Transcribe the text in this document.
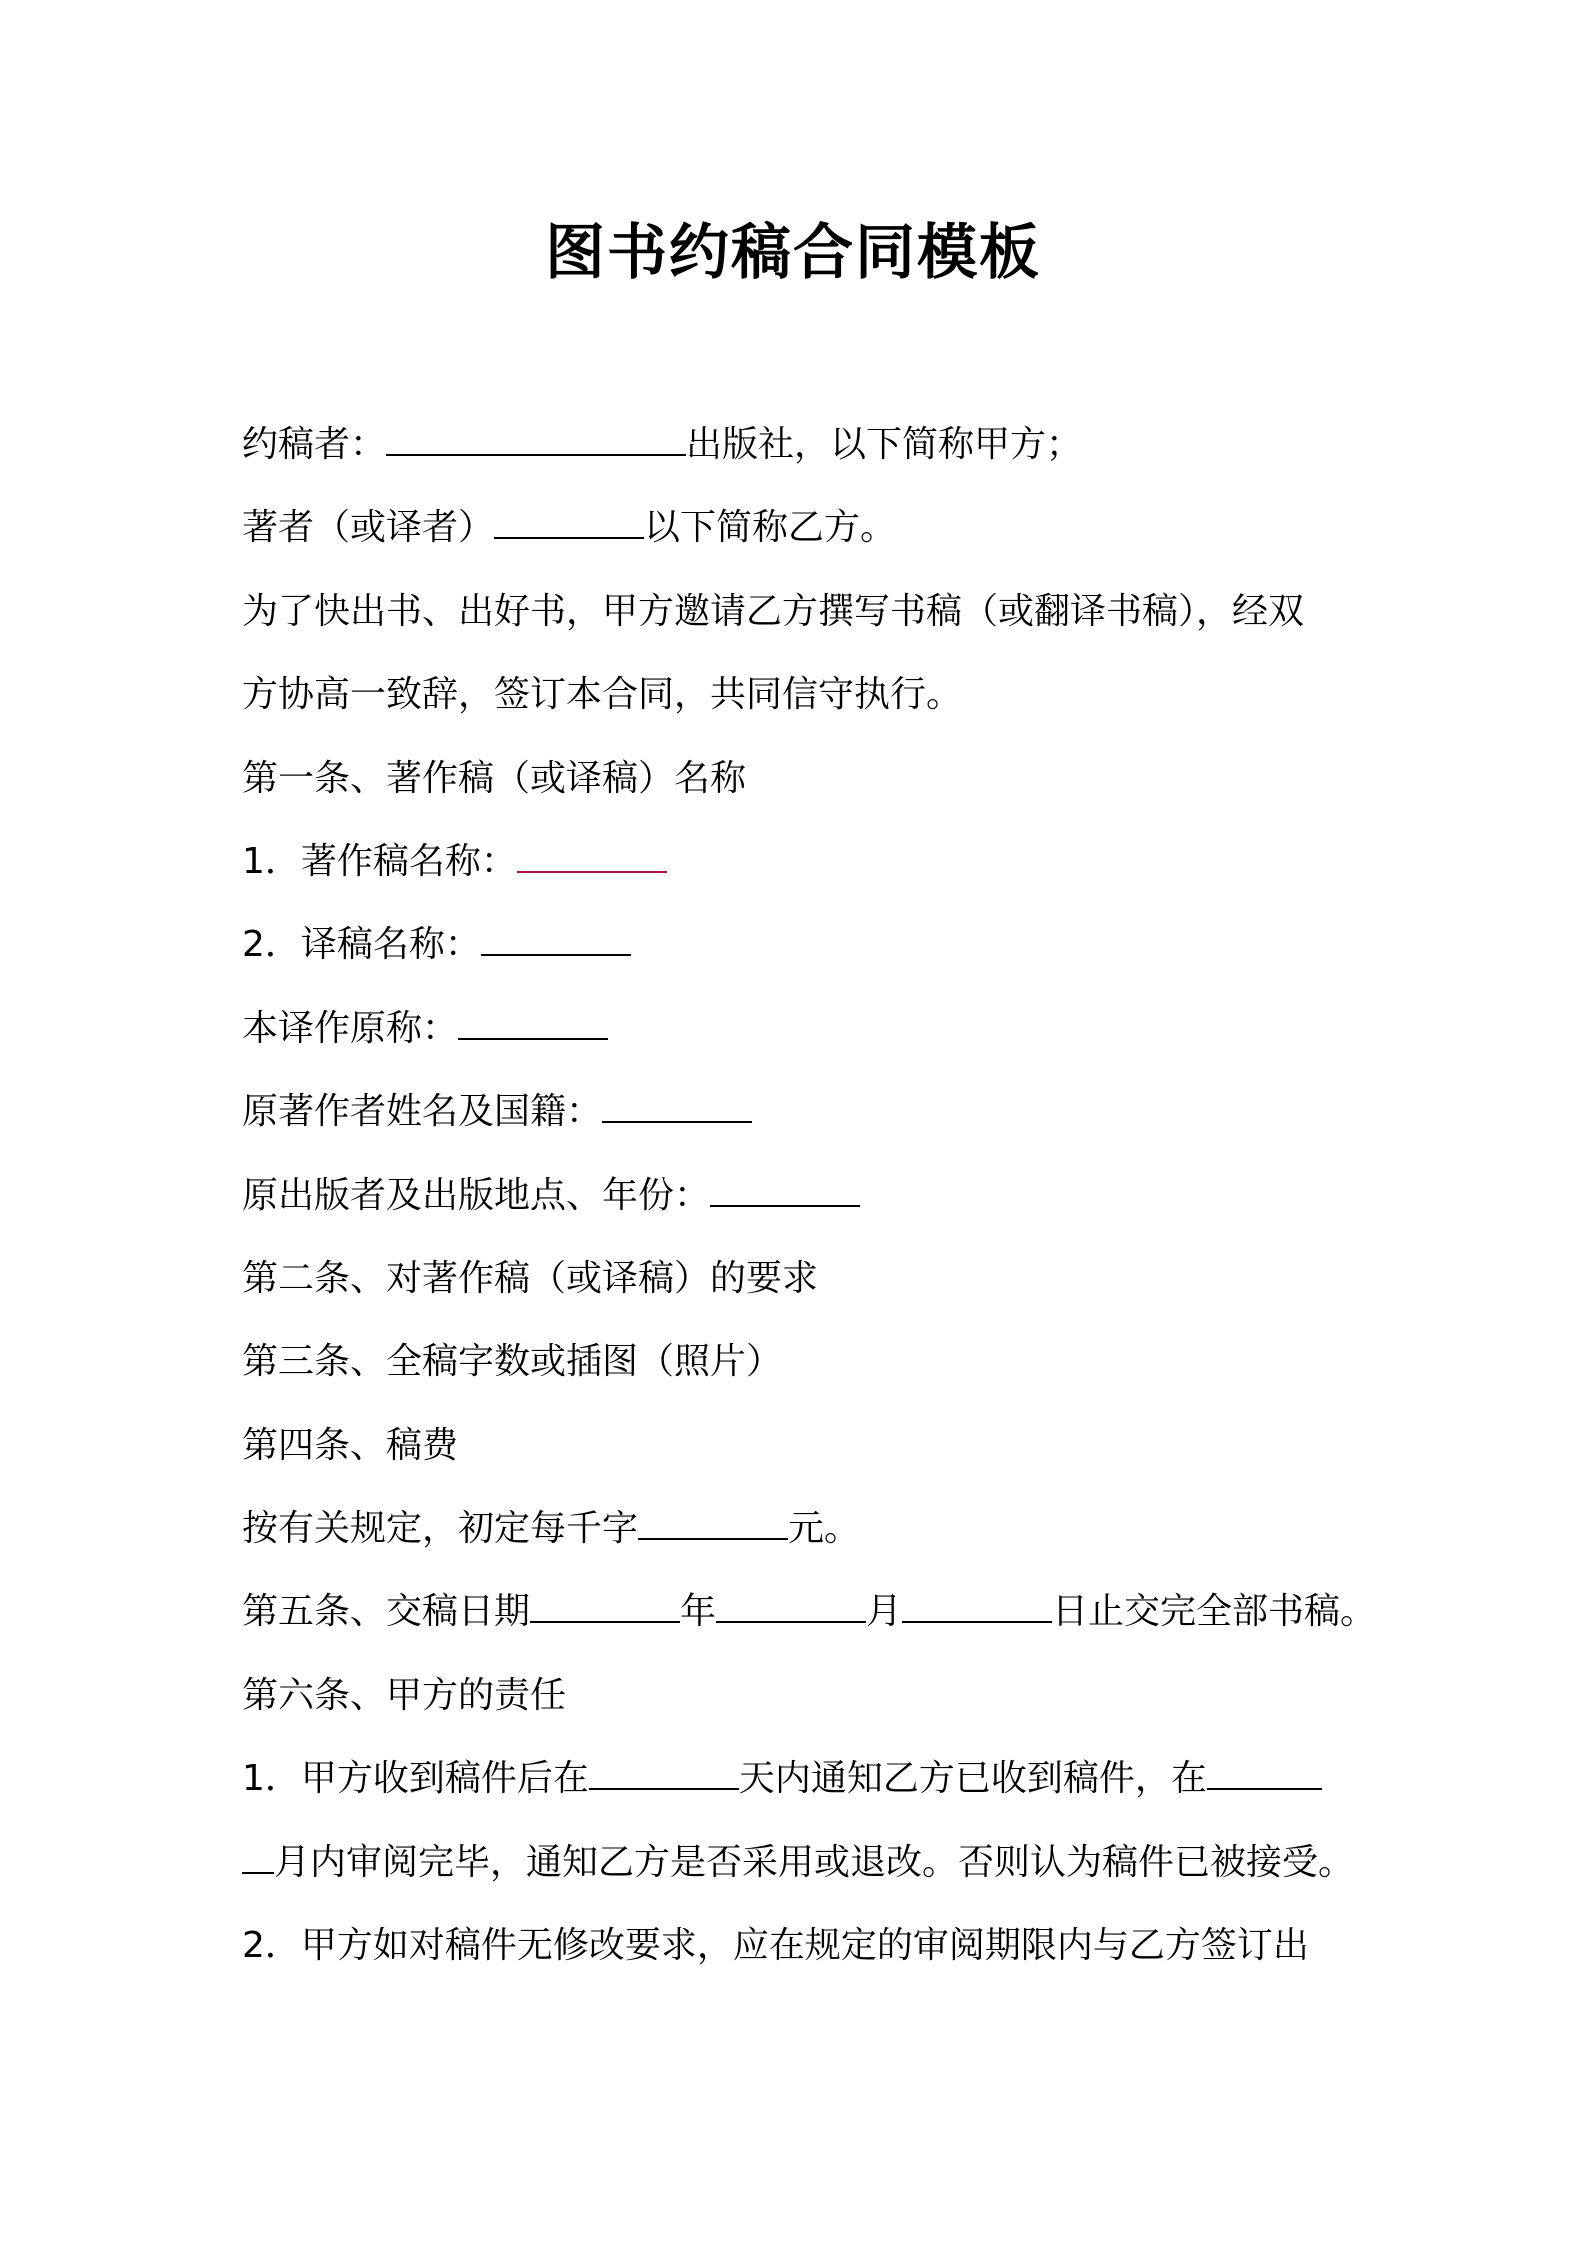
图书约稿合同模板
约稿者：	出版社，以下简称甲方；
著者（或译者）	以下简称乙方。
为了快出书、出好书，甲方邀请乙方撰写书稿（或翻译书稿），经双
方协高一致辞，签订本合同，共同信守执行。
第一条、著作稿（或译稿）名称
1．著作稿名称：
2．译稿名称：
本译作原称：
原著作者姓名及国籍：
原出版者及出版地点、年份：
第二条、对著作稿（或译稿）的要求
第三条、全稿字数或插图（照片）
第四条、稿费
按有关规定，初定每千字	元。
第五条、交稿日期	年	月	日止交完全部书稿。
第六条、甲方的责任
1．甲方收到稿件后在	天内通知乙方已收到稿件，在
月内审阅完毕，通知乙方是否采用或退改。否则认为稿件已被接受。
2．甲方如对稿件无修改要求，应在规定的审阅期限内与乙方签订出
